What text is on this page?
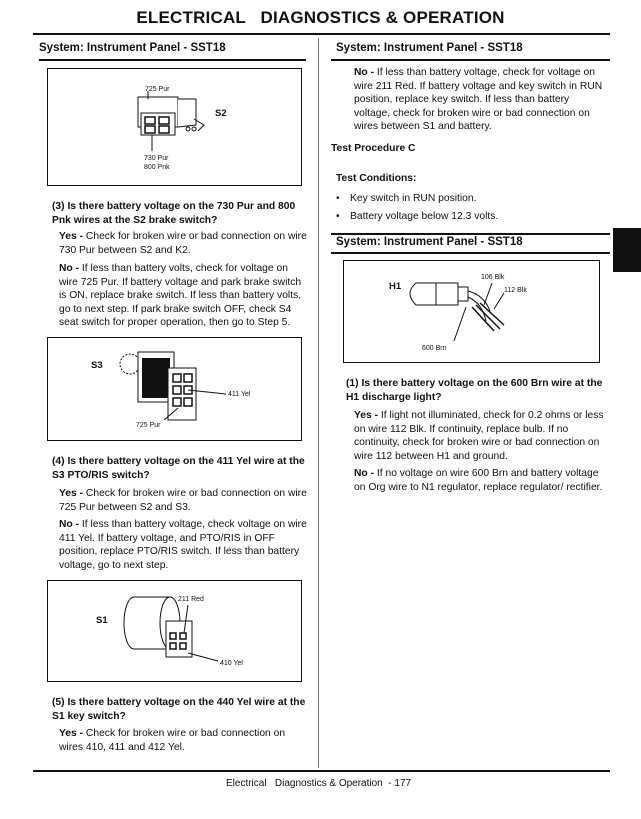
ELECTRICAL   DIAGNOSTICS & OPERATION
System: Instrument Panel - SST18
725 Pur
S2
730 Pur
800 Pnk
(3) Is there battery voltage on the 730 Pur and 800 Pnk wires at the S2 brake switch?
Yes - Check for broken wire or bad connection on wire 730 Pur between S2 and K2.
No - If less than battery volts, check for voltage on wire 725 Pur. If battery voltage and park brake switch is ON, replace brake switch. If less than battery volts, go to next step. If park brake switch OFF, check S4 seat switch for proper operation, then go to Step 5.
S3
411 Yel
725 Pur
(4) Is there battery voltage on the 411 Yel wire at the S3 PTO/RIS switch?
Yes - Check for broken wire or bad connection on wire 725 Pur between S2 and S3.
No - If less than battery voltage, check voltage on wire 411 Yel. If battery voltage, and PTO/RIS in OFF position, replace PTO/RIS switch. If less than battery voltage, go to next step.
S1
211 Red
410 Yel
(5) Is there battery voltage on the 440 Yel wire at the S1 key switch?
Yes - Check for broken wire or bad connection on wires 410, 411 and 412 Yel.
System: Instrument Panel - SST18
No - If less than battery voltage, check for voltage on wire 211 Red. If battery voltage and key switch in RUN position, replace key switch. If less than battery voltage, check for broken wire or bad connection on wires between S1 and battery.
Test Procedure C
Test Conditions:
• Key switch in RUN position.
• Battery voltage below 12.3 volts.
System: Instrument Panel - SST18
H1
106 Blk
112 Blk
600 Brn
(1) Is there battery voltage on the 600 Brn wire at the H1 discharge light?
Yes - If light not illuminated, check for 0.2 ohms or less on wire 112 Blk. If continuity, replace bulb. If no continuity, check for broken wire or bad connection on wire 112 between H1 and ground.
No - If no voltage on wire 600 Brn and battery voltage on Org wire to N1 regulator, replace regulator/ rectifier.
Electrical   Diagnostics & Operation  - 177
